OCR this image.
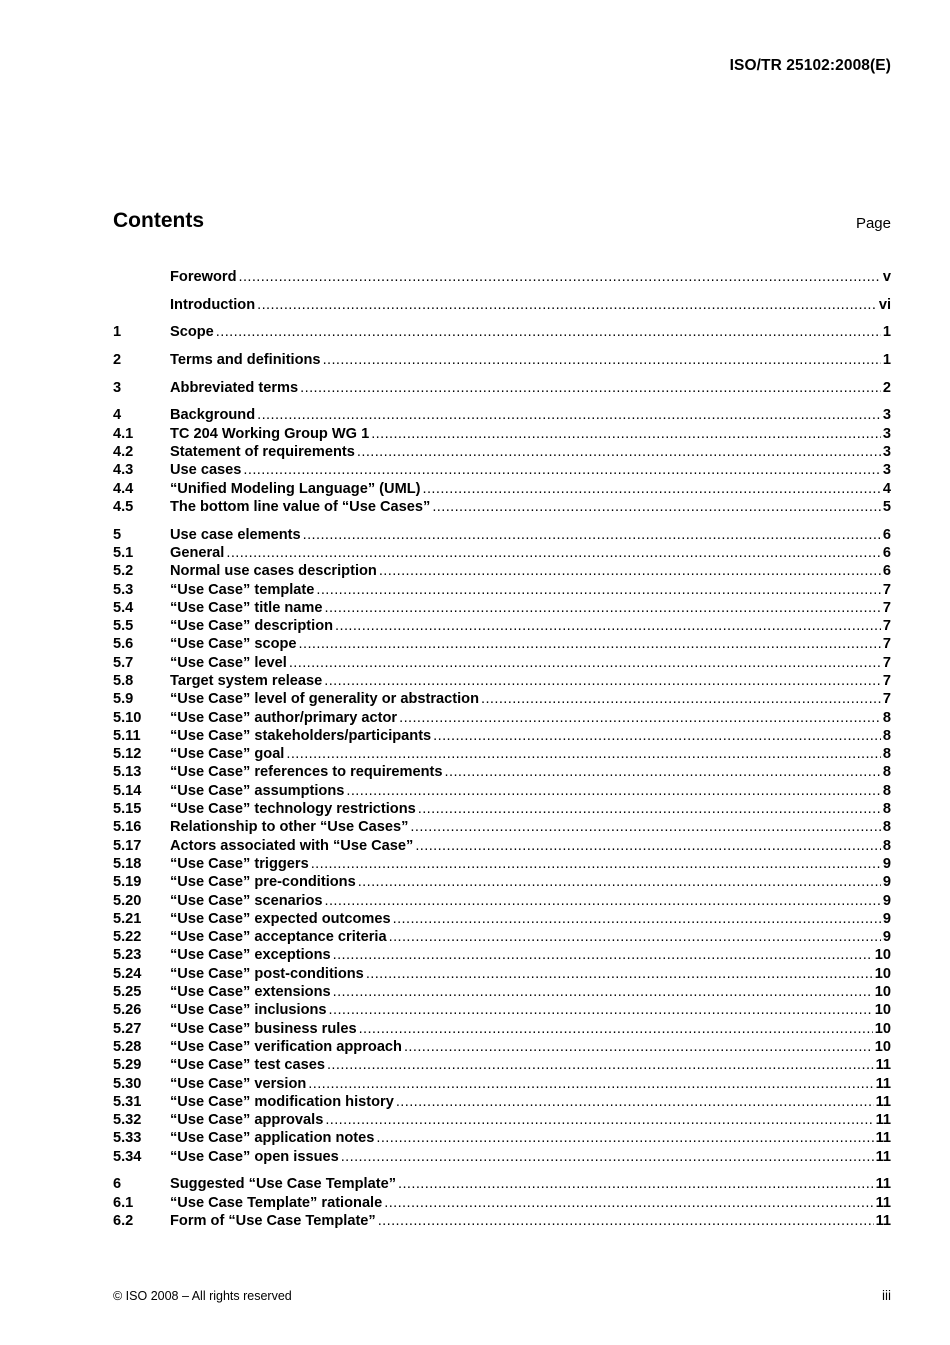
ISO/TR 25102:2008(E)
Contents	Page
Foreword .....	v
Introduction .....	vi
1	Scope .....	1
2	Terms and definitions .....	1
3	Abbreviated terms .....	2
4	Background .....	3
4.1	TC 204 Working Group WG 1 .....	3
4.2	Statement of requirements .....	3
4.3	Use cases .....	3
4.4	“Unified Modeling Language” (UML) .....	4
4.5	The bottom line value of “Use Cases” .....	5
5	Use case elements .....	6
5.1	General .....	6
5.2	Normal use cases description .....	6
5.3	“Use Case” template .....	7
5.4	“Use Case” title name .....	7
5.5	“Use Case” description .....	7
5.6	“Use Case” scope .....	7
5.7	“Use Case” level .....	7
5.8	Target system release .....	7
5.9	“Use Case” level of generality or abstraction .....	7
5.10	“Use Case” author/primary actor .....	8
5.11	“Use Case” stakeholders/participants .....	8
5.12	“Use Case” goal .....	8
5.13	“Use Case” references to requirements .....	8
5.14	“Use Case” assumptions .....	8
5.15	“Use Case” technology restrictions .....	8
5.16	Relationship to other “Use Cases” .....	8
5.17	Actors associated with “Use Case” .....	8
5.18	“Use Case” triggers .....	9
5.19	“Use Case” pre-conditions .....	9
5.20	“Use Case” scenarios .....	9
5.21	“Use Case” expected outcomes .....	9
5.22	“Use Case” acceptance criteria .....	9
5.23	“Use Case” exceptions .....	10
5.24	“Use Case” post-conditions .....	10
5.25	“Use Case” extensions .....	10
5.26	“Use Case” inclusions .....	10
5.27	“Use Case” business rules .....	10
5.28	“Use Case” verification approach .....	10
5.29	“Use Case” test cases .....	11
5.30	“Use Case” version .....	11
5.31	“Use Case” modification history .....	11
5.32	“Use Case” approvals .....	11
5.33	“Use Case” application notes .....	11
5.34	“Use Case” open issues .....	11
6	Suggested “Use Case Template” .....	11
6.1	“Use Case Template” rationale .....	11
6.2	Form of “Use Case Template” .....	11
© ISO 2008 – All rights reserved	iii
